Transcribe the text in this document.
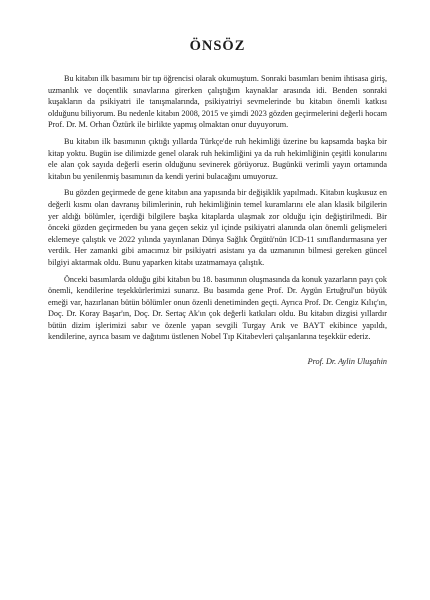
ÖNSÖZ

Bu kitabın ilk basımını bir tıp öğrencisi olarak okumuştum. Sonraki basımları benim ihtisasa giriş, uzmanlık ve doçentlik sınavlarına girerken çalıştığım kaynaklar arasında idi. Benden sonraki kuşakların da psikiyatri ile tanışmalarında, psikiyatriyi sevmelerinde bu kitabın önemli katkısı olduğunu biliyorum. Bu nedenle kitabın 2008, 2015 ve şimdi 2023 gözden geçirmelerini değerli hocam Prof. Dr. M. Orhan Öztürk ile birlikte yapmış olmaktan onur duyuyorum.

Bu kitabın ilk basımının çıktığı yıllarda Türkçe'de ruh hekimliği üzerine bu kapsamda başka bir kitap yoktu. Bugün ise dilimizde genel olarak ruh hekimliğini ya da ruh hekimliğinin çeşitli konularını ele alan çok sayıda değerli eserin olduğunu sevinerek görüyoruz. Bugünkü verimli yayın ortamında kitabın bu yenilenmiş basımının da kendi yerini bulacağını umuyoruz.

Bu gözden geçirmede de gene kitabın ana yapısında bir değişiklik yapılmadı. Kitabın kuşkusuz en değerli kısmı olan davranış bilimlerinin, ruh hekimliğinin temel kuramlarını ele alan klasik bilgilerin yer aldığı bölümler, içerdiği bilgilere başka kitaplarda ulaşmak zor olduğu için değiştirilmedi. Bir önceki gözden geçirmeden bu yana geçen sekiz yıl içinde psikiyatri alanında olan önemli gelişmeleri eklemeye çalıştık ve 2022 yılında yayınlanan Dünya Sağlık Örgütü'nün ICD-11 sınıflandırmasına yer verdik. Her zamanki gibi amacımız bir psikiyatri asistanı ya da uzmanının bilmesi gereken güncel bilgiyi aktarmak oldu. Bunu yaparken kitabı uzatmamaya çalıştık.

Önceki basımlarda olduğu gibi kitabın bu 18. basımının oluşmasında da konuk yazarların payı çok önemli, kendilerine teşekkürlerimizi sunarız. Bu basımda gene Prof. Dr. Aygün Ertuğrul'un büyük emeği var, hazırlanan bütün bölümler onun özenli denetiminden geçti. Ayrıca Prof. Dr. Cengiz Kılıç'ın, Doç. Dr. Koray Başar'ın, Doç. Dr. Sertaç Ak'ın çok değerli katkıları oldu. Bu kitabın dizgisi yıllardır bütün dizim işlerimizi sabır ve özenle yapan sevgili Turgay Arık ve BAYT ekibince yapıldı, kendilerine, ayrıca basım ve dağıtımı üstlenen Nobel Tıp Kitabevleri çalışanlarına teşekkür ederiz.

Prof. Dr. Aylin Uluşahin
